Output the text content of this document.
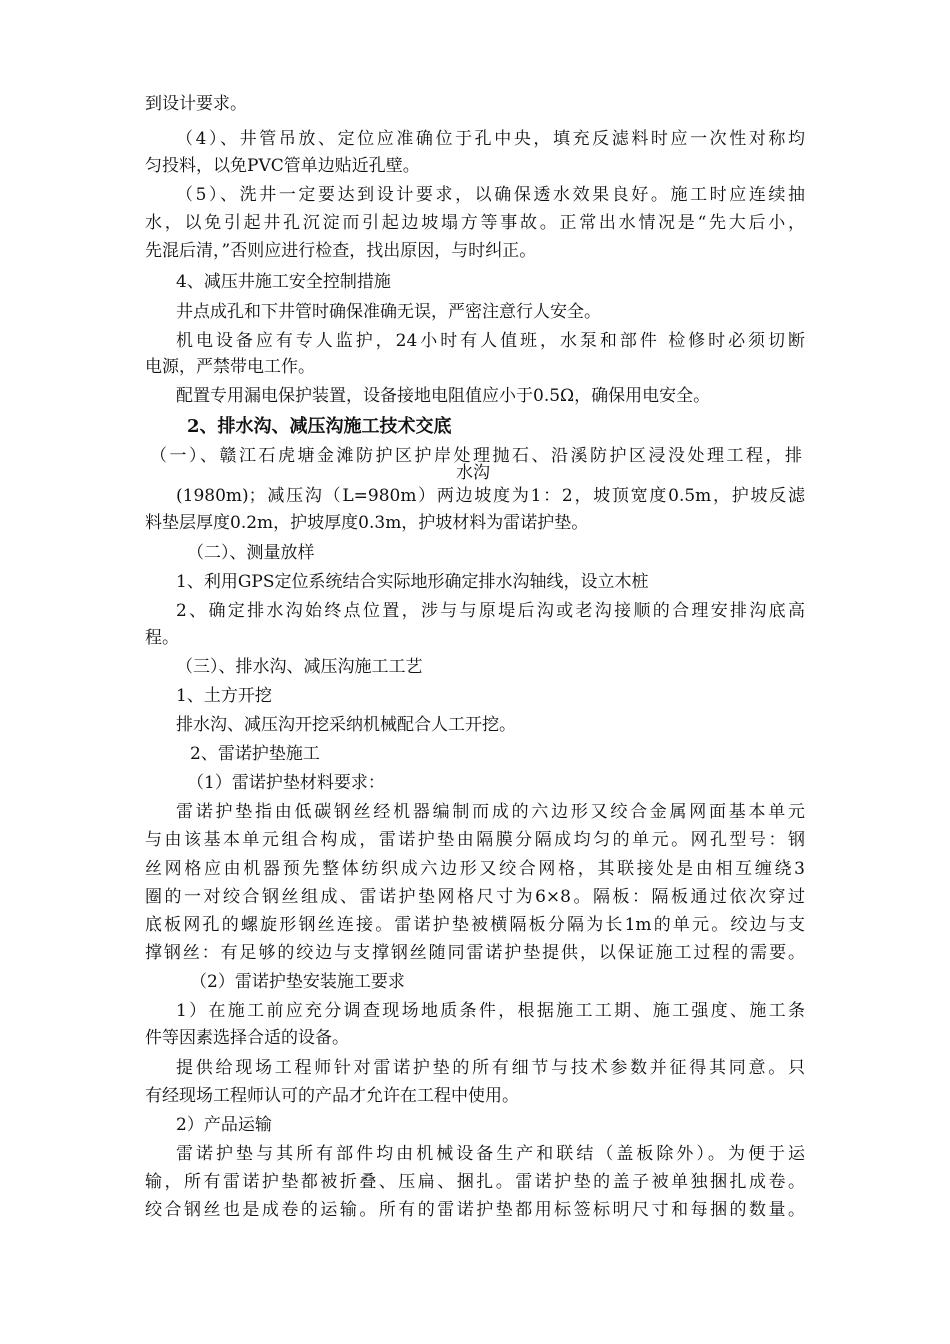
到设计要求。
（4）、井管吊放、定位应准确位于孔中央，填充反滤料时应一次性对称均
匀投料，以免PVC管单边贴近孔壁。
（5）、洗井一定要达到设计要求，以确保透水效果良好。施工时应连续抽
水，以免引起井孔沉淀而引起边坡塌方等事故。正常出水情况是“先大后小，
先混后清，”否则应进行检查，找出原因，与时纠正。
4、减压井施工安全控制措施
井点成孔和下井管时确保准确无误，严密注意行人安全。
机电设备应有专人监护，24小时有人值班，水泵和部件 检修时必须切断
电源，严禁带电工作。
配置专用漏电保护装置，设备接地电阻值应小于0.5Ω，确保用电安全。
2、排水沟、减压沟施工技术交底
（一）、赣江石虎塘金滩防护区护岸处理抛石、沿溪防护区浸没处理工程，排
水沟
(1980m)；减压沟（L=980m）两边坡度为1：2，坡顶宽度0.5m，护坡反滤
料垫层厚度0.2m，护坡厚度0.3m，护坡材料为雷诺护垫。
（二）、测量放样
1、利用GPS定位系统结合实际地形确定排水沟轴线，设立木桩
2、确定排水沟始终点位置，涉与与原堤后沟或老沟接顺的合理安排沟底高
程。
（三）、排水沟、减压沟施工工艺
1、土方开挖
排水沟、减压沟开挖采纳机械配合人工开挖。
2、雷诺护垫施工
（1）雷诺护垫材料要求：
雷诺护垫指由低碳钢丝经机器编制而成的六边形又绞合金属网面基本单元
与由该基本单元组合构成，雷诺护垫由隔膜分隔成均匀的单元。网孔型号：钢
丝网格应由机器预先整体纺织成六边形又绞合网格，其联接处是由相互缠绕3
圈的一对绞合钢丝组成、雷诺护垫网格尺寸为6×8。隔板：隔板通过依次穿过
底板网孔的螺旋形钢丝连接。雷诺护垫被横隔板分隔为长1m的单元。绞边与支
撑钢丝：有足够的绞边与支撑钢丝随同雷诺护垫提供，以保证施工过程的需要。
（2）雷诺护垫安装施工要求
1）在施工前应充分调查现场地质条件，根据施工工期、施工强度、施工条
件等因素选择合适的设备。
提供给现场工程师针对雷诺护垫的所有细节与技术参数并征得其同意。只
有经现场工程师认可的产品才允许在工程中使用。
2）产品运输
雷诺护垫与其所有部件均由机械设备生产和联结（盖板除外）。为便于运
输，所有雷诺护垫都被折叠、压扁、捆扎。雷诺护垫的盖子被单独捆扎成卷。
绞合钢丝也是成卷的运输。所有的雷诺护垫都用标签标明尺寸和每捆的数量。
